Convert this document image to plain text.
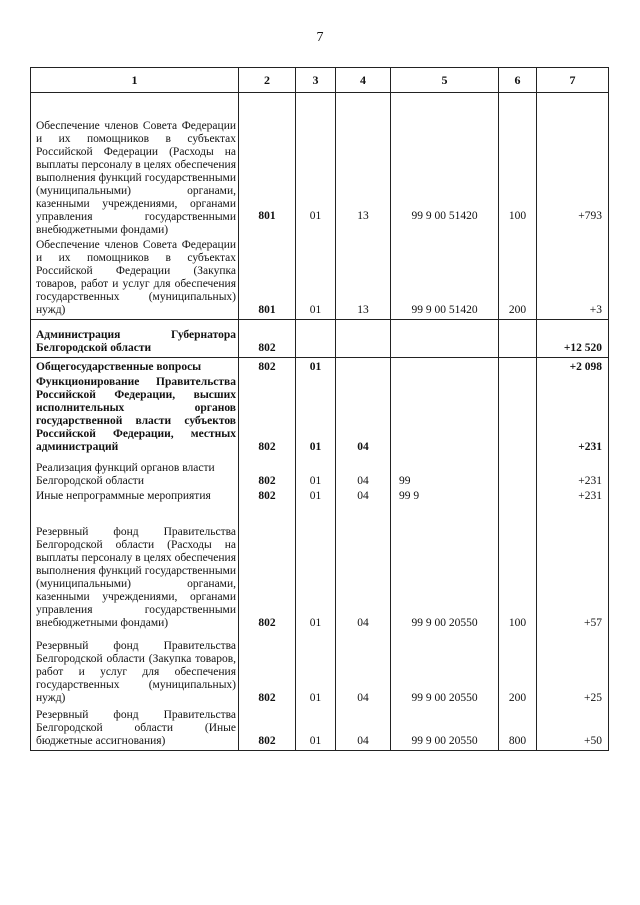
7
1	2	3	4	5	6	7
Обеспечение членов Совета Федерации и их помощников в субъектах Российской Федерации (Расходы на выплаты персоналу в целях обеспечения выполнения функций государственными (муниципальными) органами, казенными учреждениями, органами управления государственными внебюджетными фондами)	801	01	13	99 9 00 51420	100	+793
Обеспечение членов Совета Федерации и их помощников в субъектах Российской Федерации (Закупка товаров, работ и услуг для обеспечения государственных (муниципальных) нужд)	801	01	13	99 9 00 51420	200	+3
Администрация Губернатора Белгородской области	802					+12 520
Общегосударственные вопросы	802	01				+2 098
Функционирование Правительства Российской Федерации, высших исполнительных органов государственной власти субъектов Российской Федерации, местных администраций	802	01	04			+231
Реализация функций органов власти Белгородской области	802	01	04	99		+231
Иные непрограммные мероприятия	802	01	04	99 9		+231
Резервный фонд Правительства Белгородской области (Расходы на выплаты персоналу в целях обеспечения выполнения функций государственными (муниципальными) органами, казенными учреждениями, органами управления государственными внебюджетными фондами)	802	01	04	99 9 00 20550	100	+57
Резервный фонд Правительства Белгородской области (Закупка товаров, работ и услуг для обеспечения государственных (муниципальных) нужд)	802	01	04	99 9 00 20550	200	+25
Резервный фонд Правительства Белгородской области (Иные бюджетные ассигнования)	802	01	04	99 9 00 20550	800	+50
